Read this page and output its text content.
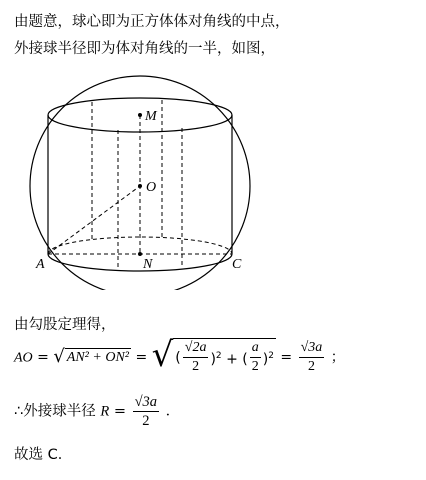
由题意，球心即为正方体体对角线的中点，
外接球半径即为体对角线的一半，如图，
M
O
N
A	C
由勾股定理得，
AO = √ AN² + ON² = √ ( $\frac{√2a}{2} )^2$ + ( $\frac{a}{2} )^2 = \frac{√3a}{2}$ ；
∴外接球半径 $R = \frac{√3a}{2}$ ．
故选 C．
